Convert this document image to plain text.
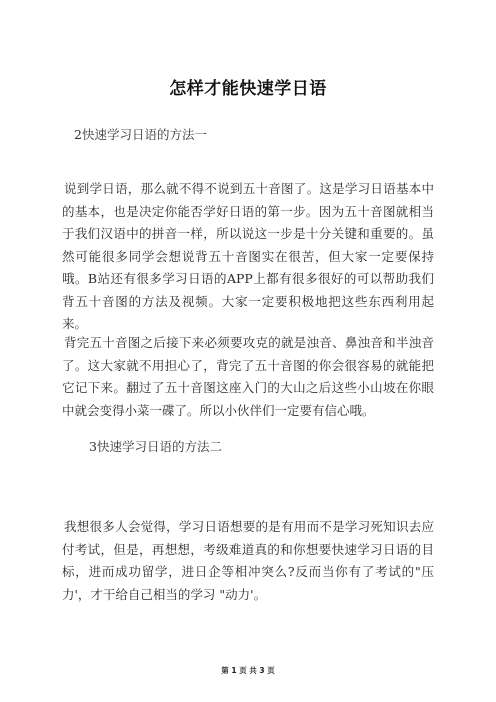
怎样才能快速学日语
2快速学习日语的方法一

说到学日语，那么就不得不说到五十音图了。这是学习日语基本中的基本，也是决定你能否学好日语的第一步。因为五十音图就相当于我们汉语中的拼音一样，所以说这一步是十分关键和重要的。虽然可能很多同学会想说背五十音图实在很苦，但大家一定要保持哦。B站还有很多学习日语的APP上都有很多很好的可以帮助我们背五十音图的方法及视频。大家一定要积极地把这些东西利用起来。

背完五十音图之后接下来必须要攻克的就是浊音、鼻浊音和半浊音了。这大家就不用担心了，背完了五十音图的你会很容易的就能把它记下来。翻过了五十音图这座入门的大山之后这些小山坡在你眼中就会变得小菜一碟了。所以小伙伴们一定要有信心哦。

3快速学习日语的方法二

我想很多人会觉得，学习日语想要的是有用而不是学习死知识去应付考试，但是，再想想，考级难道真的和你想要快速学习日语的目标，进而成功留学，进日企等相冲突么?反而当你有了考试的"压力'，才干给自己相当的学习 "动力'。

第 1 页 共 3 页
